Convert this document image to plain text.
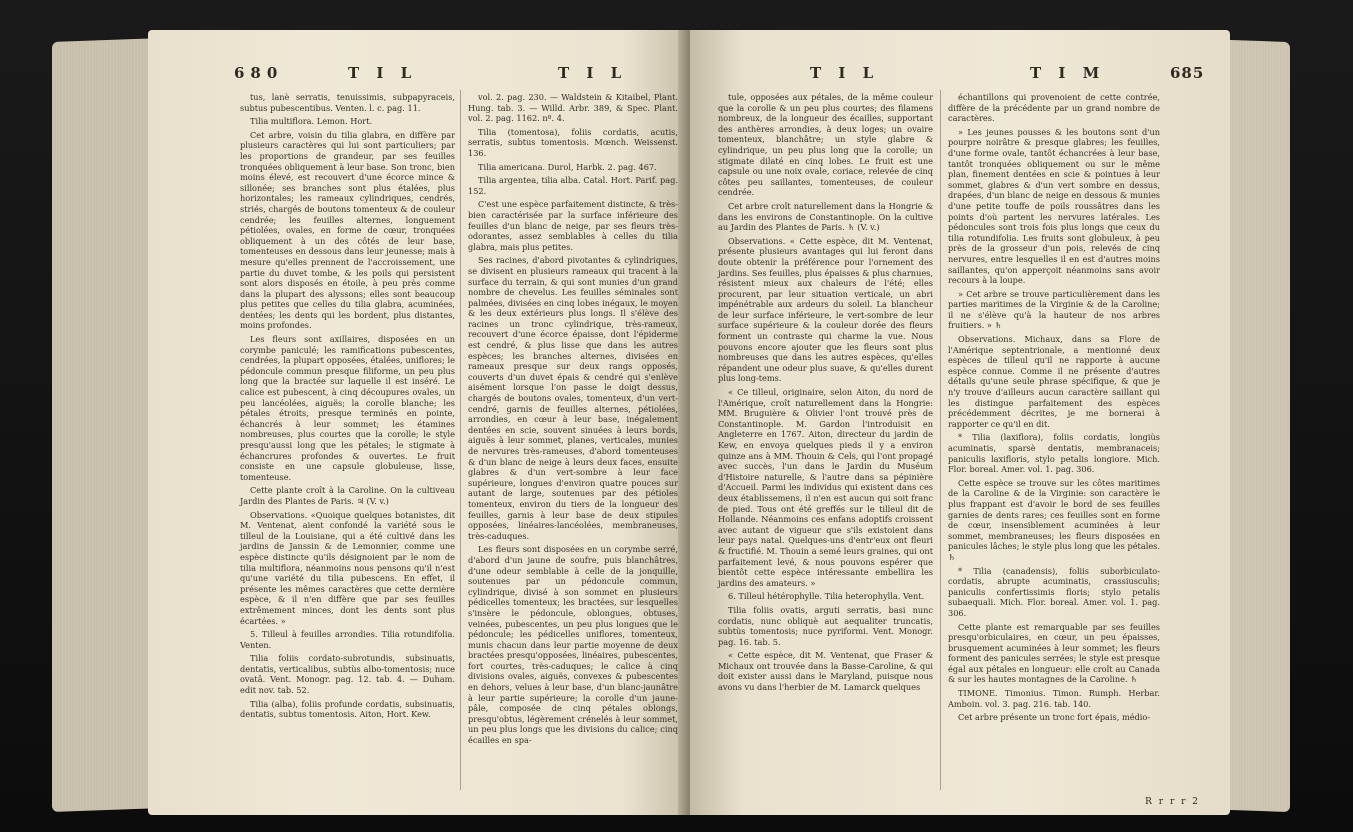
680	T I L	T I L

tus, lanè serratis, tenuissimis, subpapyraceis, subtus pubescentibus. Venten. l. c. pag. 11.

Tilia multiflora. Lemon. Hort.

Cet arbre, voisin du tilia glabra, en diffère par plusieurs caractères qui lui sont particuliers; par les proportions de grandeur, par ses feuilles tronquées obliquement à leur base. Son tronc, bien moins élevé, est recouvert d'une écorce mince & sillonée; ses branches sont plus étalées, plus horizontales; les rameaux cylindriques, cendrés, striés, chargés de boutons tomenteux & de couleur cendrée; les feuilles alternes, longuement pétiolées, ovales, en forme de cœur, tronquées obliquement à un des côtés de leur base, tomenteuses en dessous dans leur jeunesse; mais à mesure qu'elles prennent de l'accroissement, une partie du duvet tombe, & les poils qui persistent sont alors disposés en étoile, à peu près comme dans la plupart des alyssons; elles sont beaucoup plus petites que celles du tilia glabra, acuminées, dentées; les dents qui les bordent, plus distantes, moins profondes.

Les fleurs sont axillaires, disposées en un corymbe paniculé; les ramifications pubescentes, cendrées, la plupart opposées, étalées, uniflores; le pédoncule commun presque filiforme, un peu plus long que la bractée sur laquelle il est inséré. Le calice est pubescent, à cinq découpures ovales, un peu lancéolées, aiguës; la corolle blanche; les pétales étroits, presque terminés en pointe, échancrés à leur sommet; les étamines nombreuses, plus courtes que la corolle; le style presqu'aussi long que les pétales; le stigmate à échancrures profondes & ouvertes. Le fruit consiste en une capsule globuleuse, lisse, tomenteuse.

Cette plante croît à la Caroline. On la cultiveau Jardin des Plantes de Paris. ♃ (V. v.)

Observations. «Quoique quelques botanistes, dit M. Ventenat, aient confondé la variété sous le tilleul de la Louisiane, qui a été cultivé dans les jardins de Janssin & de Lemonnier, comme une espèce distincte qu'ils désignoient par le nom de tilia multiflora, néanmoins nous pensons qu'il n'est qu'une variété du tilia pubescens. En effet, il présente les mêmes caractères que cette dernière espèce, & il n'en diffère que par ses feuilles extrêmement minces, dont les dents sont plus écartées. »

5. Tilleul à feuilles arrondies. Tilia rotundifolia. Venten.

Tilia foliis cordato-subrotundis, subsinuatis, dentatis, verticalibus, subtùs albo-tomentosis; nuce ovatâ. Vent. Monogr. pag. 12. tab. 4. — Duham. edit nov. tab. 52.

Tilia (alba), foliis profunde cordatis, subsinuatis, dentatis, subtus tomentosis. Aiton, Hort. Kew.

vol. 2. pag. 230. — Waldstein & Kitaibel, Plant. Hung. tab. 3. — Willd. Arbr. 389, & Spec. Plant. vol. 2. pag. 1162. nº. 4.

Tilia (tomentosa), foliis cordatis, acutis, serratis, subtus tomentosis. Mœnch. Weissenst. 136.

Tilia americana. Durol, Harbk. 2. pag. 467.

Tilia argentea, tilia alba. Catal. Hort. Parif. pag. 152.

C'est une espèce parfaitement distincte, & très-bien caractérisée par la surface inférieure des feuilles d'un blanc de neige, par ses fleurs très-odorantes, assez semblables à celles du tilia glabra, mais plus petites.

Ses racines, d'abord pivotantes & cylindriques, se divisent en plusieurs rameaux qui tracent à la surface du terrain, & qui sont munies d'un grand nombre de chevelus. Les feuilles séminales sont palmées, divisées en cinq lobes inégaux, le moyen & les deux extérieurs plus longs. Il s'élève des racines un tronc cylindrique, très-rameux, recouvert d'une écorce épaisse, dont l'épiderme est cendré, & plus lisse que dans les autres espèces; les branches alternes, divisées en rameaux presque sur deux rangs opposés, couverts d'un duvet épais & cendré qui s'enlève aisément lorsque l'on passe le doigt dessus, chargés de boutons ovales, tomenteux, d'un vert-cendré, garnis de feuilles alternes, pétiolées, arrondies, en cœur à leur base, inégalement dentées en scie, souvent sinuées à leurs bords, aiguës à leur sommet, planes, verticales, munies de nervures très-rameuses, d'abord tomenteuses & d'un blanc de neige à leurs deux faces, ensuite glabres & d'un vert-sombre à leur face supérieure, longues d'environ quatre pouces sur autant de large, soutenues par des pétioles tomenteux, environ du tiers de la longueur des feuilles, garnis à leur base de deux stipules opposées, linéaires-lancéolées, membraneuses, très-caduques.

Les fleurs sont disposées en un corymbe serré, d'abord d'un jaune de soufre, puis blanchâtres, d'une odeur semblable à celle de la jonquille, soutenues par un pédoncule commun, cylindrique, divisé à son sommet en plusieurs pédicelles tomenteux; les bractées, sur lesquelles s'insère le pédoncule, oblongues, obtuses, veinées, pubescentes, un peu plus longues que le pédoncule; les pédicelles uniflores, tomenteux, munis chacun dans leur partie moyenne de deux bractées presqu'opposées, linéaires, pubescentes, fort courtes, très-caduques; le calice à cinq divisions ovales, aiguës, convexes & pubescentes en dehors, velues à leur base, d'un blanc-jaunâtre à leur partie supérieure; la corolle d'un jaune-pâle, composée de cinq pétales oblongs, presqu'obtus, légèrement crénelés à leur sommet, un peu plus longs que les divisions du calice; cinq écailles en spa-

T I L	T I M	685

tule, opposées aux pétales, de la même couleur que la corolle & un peu plus courtes; des filamens nombreux, de la longueur des écailles, supportant des anthères arrondies, à deux loges; un ovaire tomenteux, blanchâtre; un style glabre & cylindrique, un peu plus long que la corolle; un stigmate dilaté en cinq lobes. Le fruit est une capsule ou une noix ovale, coriace, relevée de cinq côtes peu saillantes, tomenteuses, de couleur cendrée.

Cet arbre croît naturellement dans la Hongrie & dans les environs de Constantinople. On la cultive au Jardin des Plantes de Paris. ♄ (V. v.)

Observations. « Cette espèce, dit M. Ventenat, présente plusieurs avantages qui lui feront dans doute obtenir la préférence pour l'ornement des jardins. Ses feuilles, plus épaisses & plus charnues, résistent mieux aux chaleurs de l'été; elles procurent, par leur situation verticale, un abri impénétrable aux ardeurs du soleil. La blancheur de leur surface inférieure, le vert-sombre de leur surface supérieure & la couleur dorée des fleurs forment un contraste qui charme la vue. Nous pouvons encore ajouter que les fleurs sont plus nombreuses que dans les autres espèces, qu'elles répandent une odeur plus suave, & qu'elles durent plus long-tems.

« Ce tilleul, originaire, selon Aiton, du nord de l'Amérique, croît naturellement dans la Hongrie: MM. Bruguière & Olivier l'ont trouvé près de Constantinople. M. Gardon l'introduisit en Angleterre en 1767. Aiton, directeur du jardin de Kew, en envoya quelques pieds il y a environ quinze ans à MM. Thouin & Cels, qui l'ont propagé avec succès, l'un dans le Jardin du Muséum d'Histoire naturelle, & l'autre dans sa pépinière d'Accueil. Parmi les individus qui existent dans ces deux établissemens, il n'en est aucun qui soit franc de pied. Tous ont été greffés sur le tilleul dit de Hollande. Néanmoins ces enfans adoptifs croissent avec autant de vigueur que s'ils existoient dans leur pays natal. Quelques-uns d'entr'eux ont fleuri & fructifié. M. Thouin a semé leurs graines, qui ont parfaitement levé, & nous pouvons espérer que bientôt cette espèce intéressante embellira les jardins des amateurs. »

6. Tilleul hétérophylle. Tilia heterophylla. Vent.

Tilia foliis ovatis, arguti serratis, basi nunc cordatis, nunc obliquè aut aequaliter truncatis, subtùs tomentosis; nuce pyriformi. Vent. Monogr. pag. 16. tab. 5.

« Cette espèce, dit M. Ventenat, que Fraser & Michaux ont trouvée dans la Basse-Caroline, & qui doit exister aussi dans le Maryland, puisque nous avons vu dans l'herbier de M. Lamarck quelques

échantillons qui provenoient de cette contrée, diffère de la précédente par un grand nombre de caractères.

» Les jeunes pousses & les boutons sont d'un pourpre noirâtre & presque glabres; les feuilles, d'une forme ovale, tantôt échancrées à leur base, tantôt tronquées obliquement ou sur le même plan, finement dentées en scie & pointues à leur sommet, glabres & d'un vert sombre en dessus, drapées, d'un blanc de neige en dessous & munies d'une petite touffe de poils roussâtres dans les points d'où partent les nervures latérales. Les pédoncules sont trois fois plus longs que ceux du tilia rotundifolia. Les fruits sont globuleux, à peu près de la grosseur d'un pois, relevés de cinq nervures, entre lesquelles il en est d'autres moins saillantes, qu'on apperçoit néanmoins sans avoir recours à la loupe.

» Cet arbre se trouve particulièrement dans les parties maritimes de la Virginie & de la Caroline; il ne s'élève qu'à la hauteur de nos arbres fruitiers. » ♄

Observations. Michaux, dans sa Flore de l'Amérique septentrionale, a mentionné deux espèces de tilleul qu'il ne rapporte à aucune espèce connue. Comme il ne présente d'autres détails qu'une seule phrase spécifique, & que je n'y trouve d'ailleurs aucun caractère saillant qui les distingue parfaitement des espèces précédemment décrites, je me bornerai à rapporter ce qu'il en dit.

* Tilia (laxiflora), foliis cordatis, longiùs acuminatis, sparsè dentatis, membranaceis; paniculis laxifloris, stylo petalis longiore. Mich. Flor. boreal. Amer. vol. 1. pag. 306.

Cette espèce se trouve sur les côtes maritimes de la Caroline & de la Virginie: son caractère le plus frappant est d'avoir le bord de ses feuilles garnies de dents rares; ces feuilles sont en forme de cœur, insensiblement acuminées à leur sommet, membraneuses; les fleurs disposées en panicules lâches; le style plus long que les pétales. ♄

* Tilia (canadensis), foliis suborbiculato-cordatis, abrupte acuminatis, crassiusculis; paniculis confertissimis floris; stylo petalis subaequali. Mich. Flor. boreal. Amer. vol. 1. pag. 306.

Cette plante est remarquable par ses feuilles presqu'orbiculaires, en cœur, un peu épaisses, brusquement acuminées à leur sommet; les fleurs forment des panicules serrées; le style est presque égal aux pétales en longueur: elle croît au Canada & sur les hautes montagnes de la Caroline. ♄

TIMONE. Timonius. Timon. Rumph. Herbar. Amboin. vol. 3. pag. 216. tab. 140.

Cet arbre présente un tronc fort épais, médio-

R r r r 2
